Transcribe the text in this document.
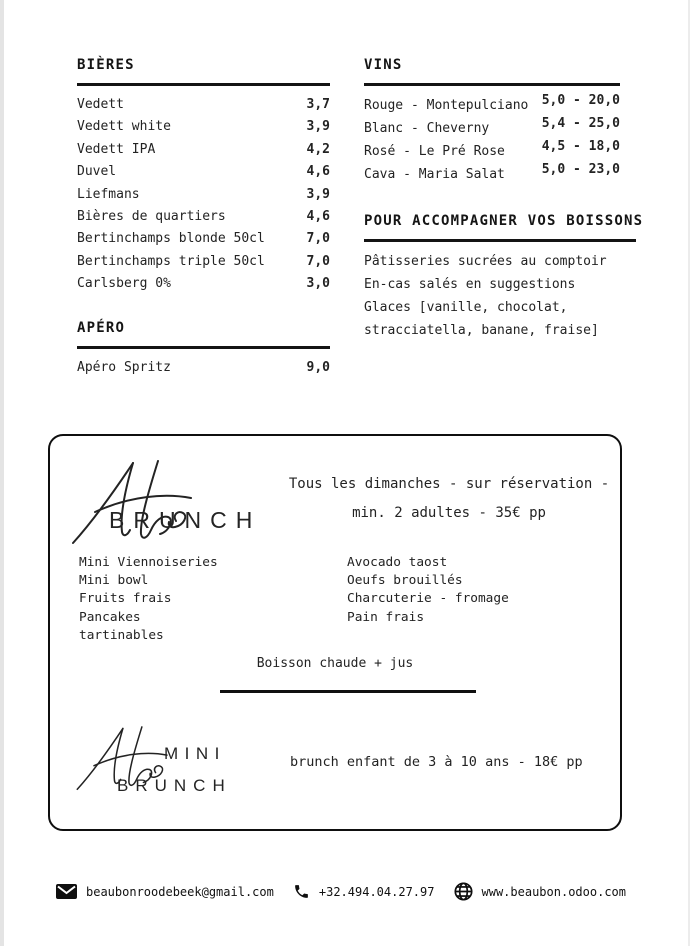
BIÈRES
Vedett	3,7
Vedett white	3,9
Vedett IPA	4,2
Duvel	4,6
Liefmans	3,9
Bières de quartiers	4,6
Bertinchamps blonde 50cl	7,0
Bertinchamps triple 50cl	7,0
Carlsberg 0%	3,0
APÉRO
Apéro Spritz	9,0
VINS
Rouge - Montepulciano 5,0 - 20,0
Blanc - Cheverny	5,4 - 25,0
Rosé - Le Pré Rose	4,5 - 18,0
Cava - Maria Salat	5,0 - 23,0
POUR ACCOMPAGNER VOS BOISSONS

Pâtisseries sucrées au comptoir

En-cas salés en suggestions

Glaces [vanille, chocolat,

stracciatella, banane, fraise]

BRUNCH
Tous les dimanches - sur réservation -
min. 2 adultes - 35€ pp
Mini Viennoiseries
Mini bowl
Fruits frais
Pancakes
tartinables
Avocado taost
Oeufs brouillés
Charcuterie - fromage
Pain frais
Boisson chaude + jus
MINI
BRUNCH
brunch enfant de 3 à 10 ans - 18€ pp
beaubonroodebeek@gmail.com	+32.494.04.27.97	www.beaubon.odoo.com
